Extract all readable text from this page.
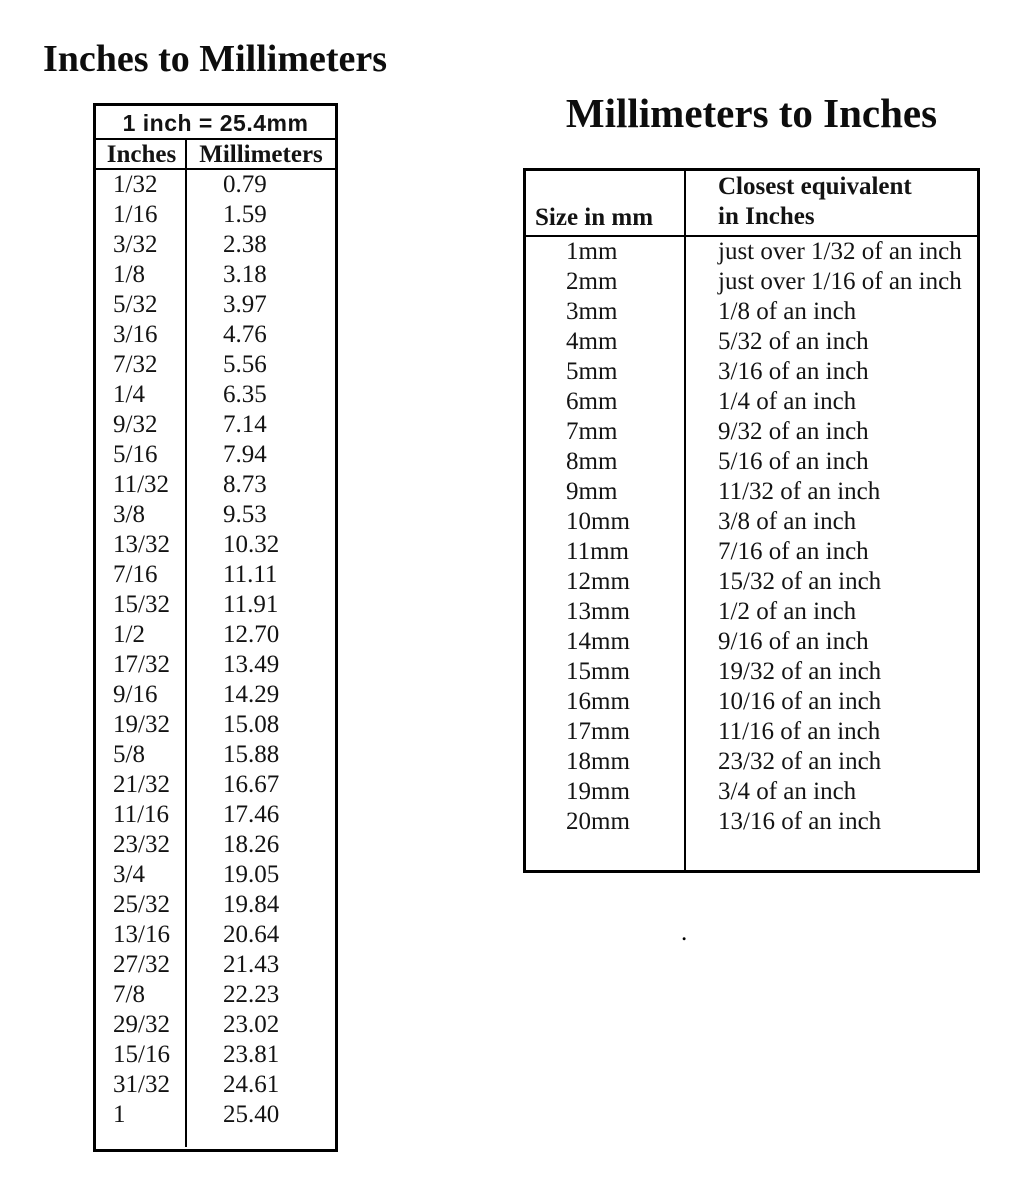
Inches to Millimeters
1 inch = 25.4mm
Inches Millimeters
1/32	0.79
1/16	1.59
3/32	2.38
1/8	3.18
5/32	3.97
3/16	4.76
7/32	5.56
1/4	6.35
9/32	7.14
5/16	7.94
11/32	8.73
3/8	9.53
13/32	10.32
7/16	11.11
15/32	11.91
1/2	12.70
17/32	13.49
9/16	14.29
19/32	15.08
5/8	15.88
21/32	16.67
11/16	17.46
23/32	18.26
3/4	19.05
25/32	19.84
13/16	20.64
27/32	21.43
7/8	22.23
29/32	23.02
15/16	23.81
31/32	24.61
1	25.40
Millimeters to Inches
Size in mm
Closest equivalent
in Inches
1mm	just over 1/32 of an inch
2mm	just over 1/16 of an inch
3mm	1/8 of an inch
4mm	5/32 of an inch
5mm	3/16 of an inch
6mm	1/4 of an inch
7mm	9/32 of an inch
8mm	5/16 of an inch
9mm	11/32 of an inch
10mm	3/8 of an inch
11mm	7/16 of an inch
12mm	15/32 of an inch
13mm	1/2 of an inch
14mm	9/16 of an inch
15mm	19/32 of an inch
16mm	10/16 of an inch
17mm	11/16 of an inch
18mm	23/32 of an inch
19mm	3/4 of an inch
20mm	13/16 of an inch
.
